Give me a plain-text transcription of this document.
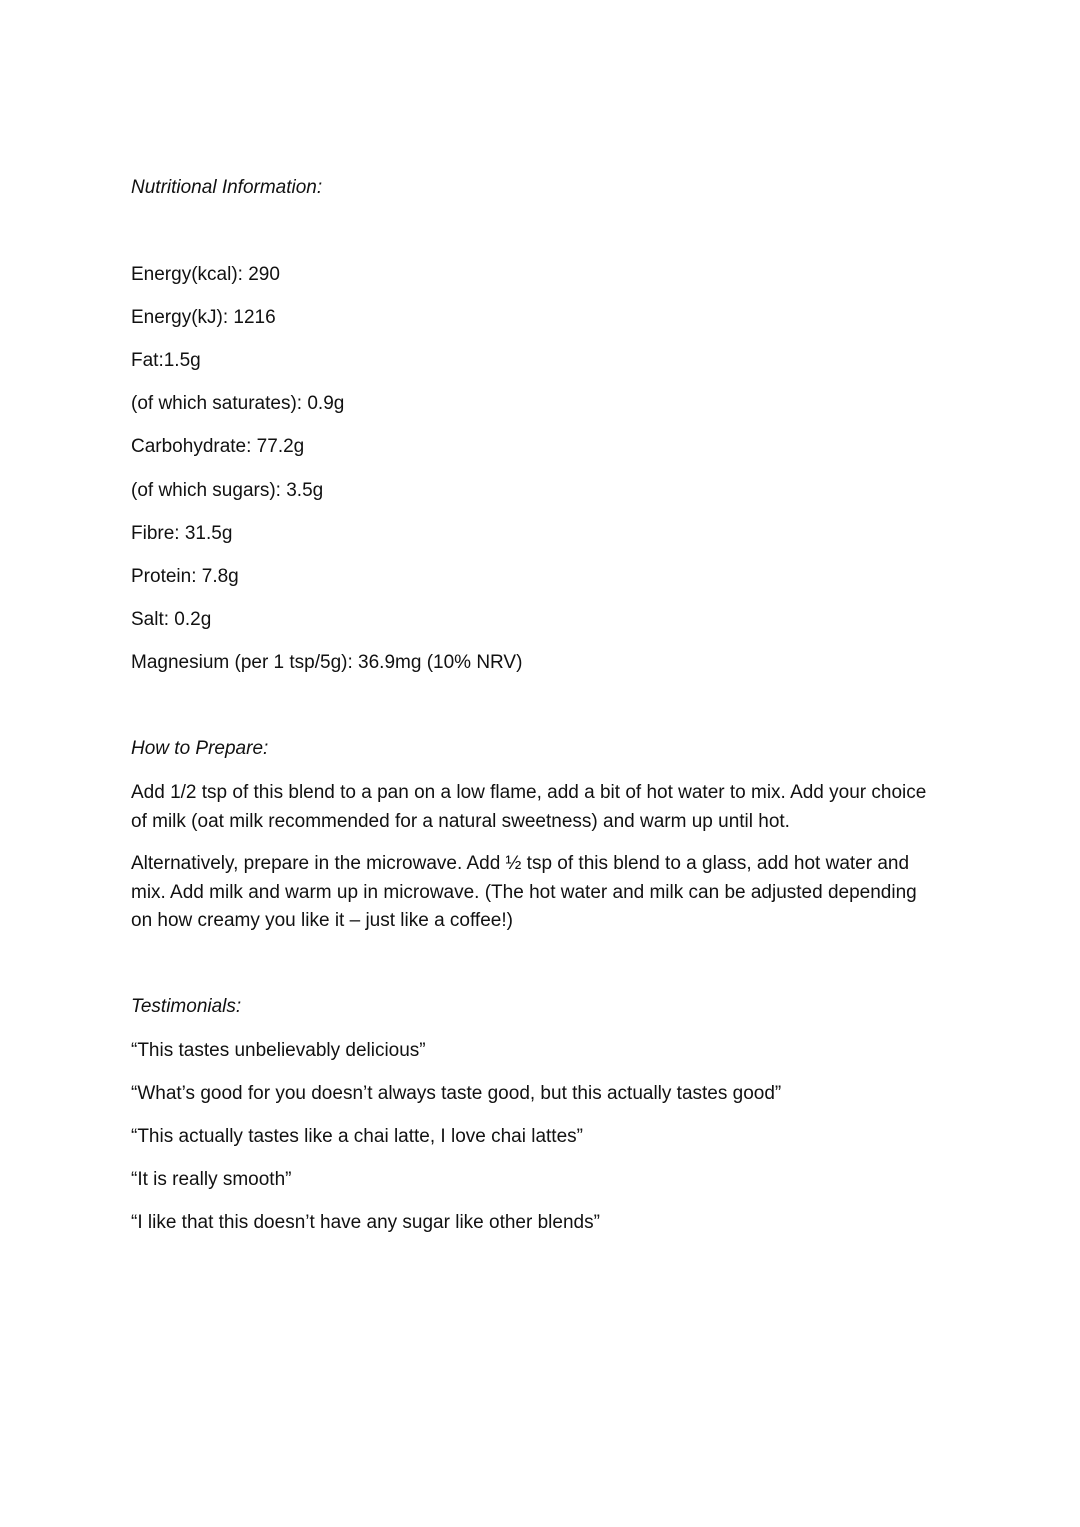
Nutritional Information:

Energy(kcal): 290

Energy(kJ): 1216

Fat:1.5g

(of which saturates): 0.9g

Carbohydrate: 77.2g

(of which sugars): 3.5g

Fibre: 31.5g

Protein: 7.8g

Salt: 0.2g

Magnesium (per 1 tsp/5g): 36.9mg (10% NRV)

How to Prepare:

Add 1/2 tsp of this blend to a pan on a low flame, add a bit of hot water to mix. Add your choice of milk (oat milk recommended for a natural sweetness) and warm up until hot.

Alternatively, prepare in the microwave. Add ½ tsp of this blend to a glass, add hot water and mix. Add milk and warm up in microwave. (The hot water and milk can be adjusted depending on how creamy you like it – just like a coffee!)

Testimonials:

“This tastes unbelievably delicious”

“What’s good for you doesn’t always taste good, but this actually tastes good”

“This actually tastes like a chai latte, I love chai lattes”

“It is really smooth”

“I like that this doesn’t have any sugar like other blends”
